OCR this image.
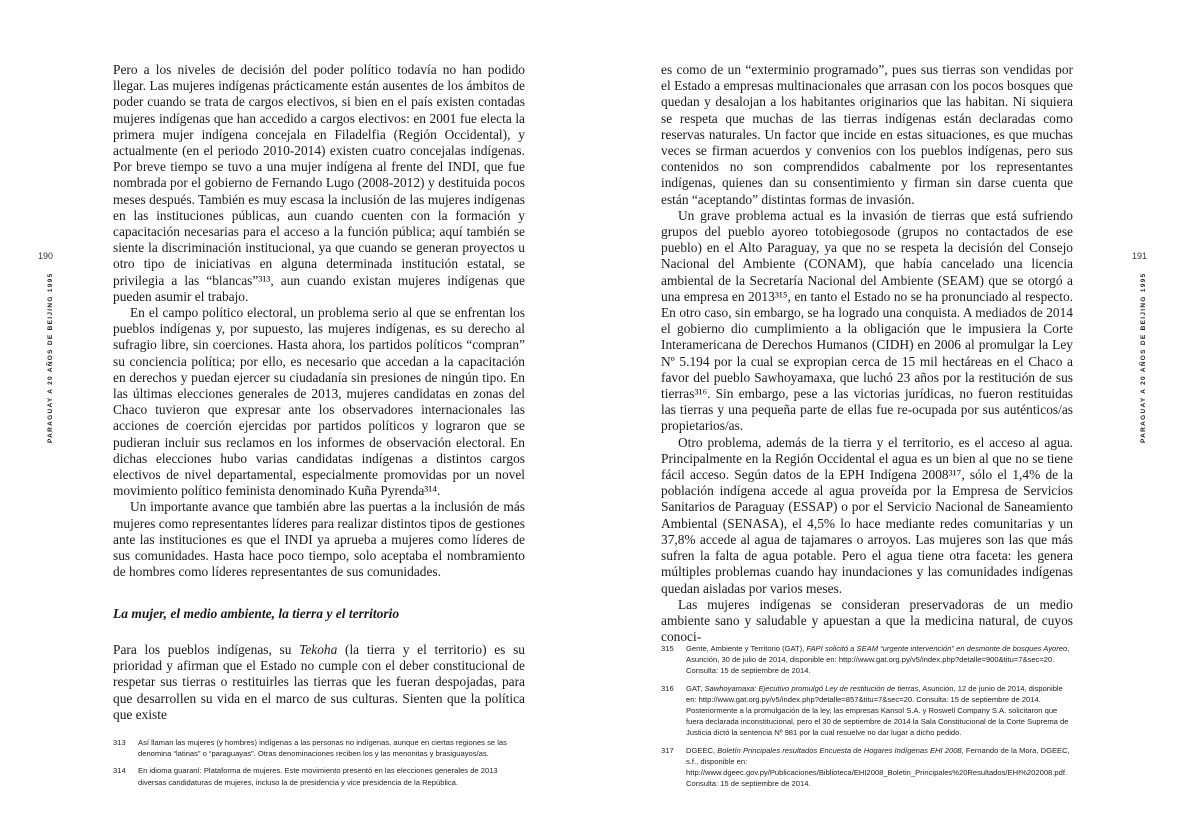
190
PARAGUAY A 20 AÑOS DE BEIJING 1995

Pero a los niveles de decisión del poder político todavía no han podido llegar. Las mujeres indígenas prácticamente están ausentes de los ámbitos de poder cuando se trata de cargos electivos, si bien en el país existen contadas mujeres indígenas que han accedido a cargos electivos: en 2001 fue electa la primera mujer indígena concejala en Filadelfia (Región Occidental), y actualmente (en el periodo 2010-2014) existen cuatro concejalas indígenas. Por breve tiempo se tuvo a una mujer indígena al frente del INDI, que fue nombrada por el gobierno de Fernando Lugo (2008-2012) y destituida pocos meses después. También es muy escasa la inclusión de las mujeres indígenas en las instituciones públicas, aun cuando cuenten con la formación y capacitación necesarias para el acceso a la función pública; aquí también se siente la discriminación institucional, ya que cuando se generan proyectos u otro tipo de iniciativas en alguna determinada institución estatal, se privilegia a las “blancas”³¹³, aun cuando existan mujeres indígenas que pueden asumir el trabajo.

En el campo político electoral, un problema serio al que se enfrentan los pueblos indígenas y, por supuesto, las mujeres indígenas, es su derecho al sufragio libre, sin coerciones. Hasta ahora, los partidos políticos “compran” su conciencia política; por ello, es necesario que accedan a la capacitación en derechos y puedan ejercer su ciudadanía sin presiones de ningún tipo. En las últimas elecciones generales de 2013, mujeres candidatas en zonas del Chaco tuvieron que expresar ante los observadores internacionales las acciones de coerción ejercidas por partidos políticos y lograron que se pudieran incluir sus reclamos en los informes de observación electoral. En dichas elecciones hubo varias candidatas indígenas a distintos cargos electivos de nivel departamental, especialmente promovidas por un novel movimiento político feminista denominado Kuña Pyrenda³¹⁴.

Un importante avance que también abre las puertas a la inclusión de más mujeres como representantes líderes para realizar distintos tipos de gestiones ante las instituciones es que el INDI ya aprueba a mujeres como líderes de sus comunidades. Hasta hace poco tiempo, solo aceptaba el nombramiento de hombres como líderes representantes de sus comunidades.

La mujer, el medio ambiente, la tierra y el territorio

Para los pueblos indígenas, su Tekoha (la tierra y el territorio) es su prioridad y afirman que el Estado no cumple con el deber constitucional de respetar sus tierras o restituirles las tierras que les fueran despojadas, para que desarrollen su vida en el marco de sus culturas. Sienten que la política que existe

313	Así llaman las mujeres (y hombres) indígenas a las personas no indígenas, aunque en ciertas regiones se las denomina “latinas” o “paraguayas”. Otras denominaciones reciben los y las menonitas y brasiguayos/as.
314	En idioma guaraní: Plataforma de mujeres. Este movimiento presentó en las elecciones generales de 2013 diversas candidaturas de mujeres, incluso la de presidencia y vice presidencia de la República.
191
PARAGUAY A 20 AÑOS DE BEIJING 1995

es como de un “exterminio programado”, pues sus tierras son vendidas por el Estado a empresas multinacionales que arrasan con los pocos bosques que quedan y desalojan a los habitantes originarios que las habitan. Ni siquiera se respeta que muchas de las tierras indígenas están declaradas como reservas naturales. Un factor que incide en estas situaciones, es que muchas veces se firman acuerdos y convenios con los pueblos indígenas, pero sus contenidos no son comprendidos cabalmente por los representantes indígenas, quienes dan su consentimiento y firman sin darse cuenta que están “aceptando” distintas formas de invasión.

Un grave problema actual es la invasión de tierras que está sufriendo grupos del pueblo ayoreo totobiegosode (grupos no contactados de ese pueblo) en el Alto Paraguay, ya que no se respeta la decisión del Consejo Nacional del Ambiente (CONAM), que había cancelado una licencia ambiental de la Secretaría Nacional del Ambiente (SEAM) que se otorgó a una empresa en 2013³¹⁵, en tanto el Estado no se ha pronunciado al respecto. En otro caso, sin embargo, se ha logrado una conquista. A mediados de 2014 el gobierno dio cumplimiento a la obligación que le impusiera la Corte Interamericana de Derechos Humanos (CIDH) en 2006 al promulgar la Ley Nº 5.194 por la cual se expropian cerca de 15 mil hectáreas en el Chaco a favor del pueblo Sawhoyamaxa, que luchó 23 años por la restitución de sus tierras³¹⁶. Sin embargo, pese a las victorias jurídicas, no fueron restituidas las tierras y una pequeña parte de ellas fue re-ocupada por sus auténticos/as propietarios/as.

Otro problema, además de la tierra y el territorio, es el acceso al agua. Principalmente en la Región Occidental el agua es un bien al que no se tiene fácil acceso. Según datos de la EPH Indígena 2008³¹⁷, sólo el 1,4% de la población indígena accede al agua proveída por la Empresa de Servicios Sanitarios de Paraguay (ESSAP) o por el Servicio Nacional de Saneamiento Ambiental (SENASA), el 4,5% lo hace mediante redes comunitarias y un 37,8% accede al agua de tajamares o arroyos. Las mujeres son las que más sufren la falta de agua potable. Pero el agua tiene otra faceta: les genera múltiples problemas cuando hay inundaciones y las comunidades indígenas quedan aisladas por varios meses.

Las mujeres indígenas se consideran preservadoras de un medio ambiente sano y saludable y apuestan a que la medicina natural, de cuyos conoci-

315	Gente, Ambiente y Territorio (GAT), FAPI solicitó a SEAM “urgente intervención” en desmonte de bosques Ayoreo, Asunción, 30 de julio de 2014, disponible en: http://www.gat.org.py/v5/index.php?detalle=900&titu=7&sec=20. Consulta: 15 de septiembre de 2014.
316	GAT, Sawhoyamaxa: Ejecutivo promulgó Ley de restitución de tierras, Asunción, 12 de junio de 2014, disponible en: http://www.gat.org.py/v5/index.php?detalle=857&titu=7&sec=20. Consulta: 15 de septiembre de 2014. Posteriormente a la promulgación de la ley, las empresas Kansol S.A. y Roswell Company S.A. solicitaron que fuera declarada inconstitucional, pero el 30 de septiembre de 2014 la Sala Constitucional de la Corte Suprema de Justicia dictó la sentencia Nº 981 por la cual resuelve no dar lugar a dicho pedido.
317	DGEEC, Boletín Principales resultados Encuesta de Hogares Indígenas EHI 2008, Fernando de la Mora, DGEEC, s.f., disponible en: http://www.dgeec.gov.py/Publicaciones/Biblioteca/EHI2008_Boletin_Principales%20Resultados/EHI%202008.pdf. Consulta: 15 de septiembre de 2014.
